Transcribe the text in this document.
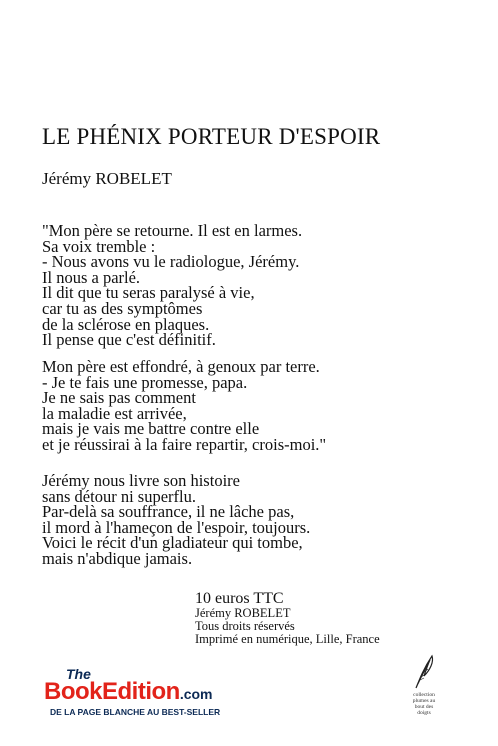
LE PHÉNIX PORTEUR D'ESPOIR
Jérémy ROBELET
"Mon père se retourne. Il est en larmes.
Sa voix tremble :
- Nous avons vu le radiologue, Jérémy.
Il nous a parlé.
Il dit que tu seras paralysé à vie,
car tu as des symptômes
de la sclérose en plaques.
Il pense que c'est définitif.
Mon père est effondré, à genoux par terre.
- Je te fais une promesse, papa.
Je ne sais pas comment
la maladie est arrivée,
mais je vais me battre contre elle
et je réussirai à la faire repartir, crois-moi."
Jérémy nous livre son histoire
sans détour ni superflu.
Par-delà sa souffrance, il ne lâche pas,
il mord à l'hameçon de l'espoir, toujours.
Voici le récit d'un gladiateur qui tombe,
mais n'abdique jamais.
10 euros TTC
Jérémy ROBELET
Tous droits réservés
Imprimé en numérique, Lille, France
The
BookEdition.com
DE LA PAGE BLANCHE AU BEST-SELLER
collection
plumes au
bout des
doigts
